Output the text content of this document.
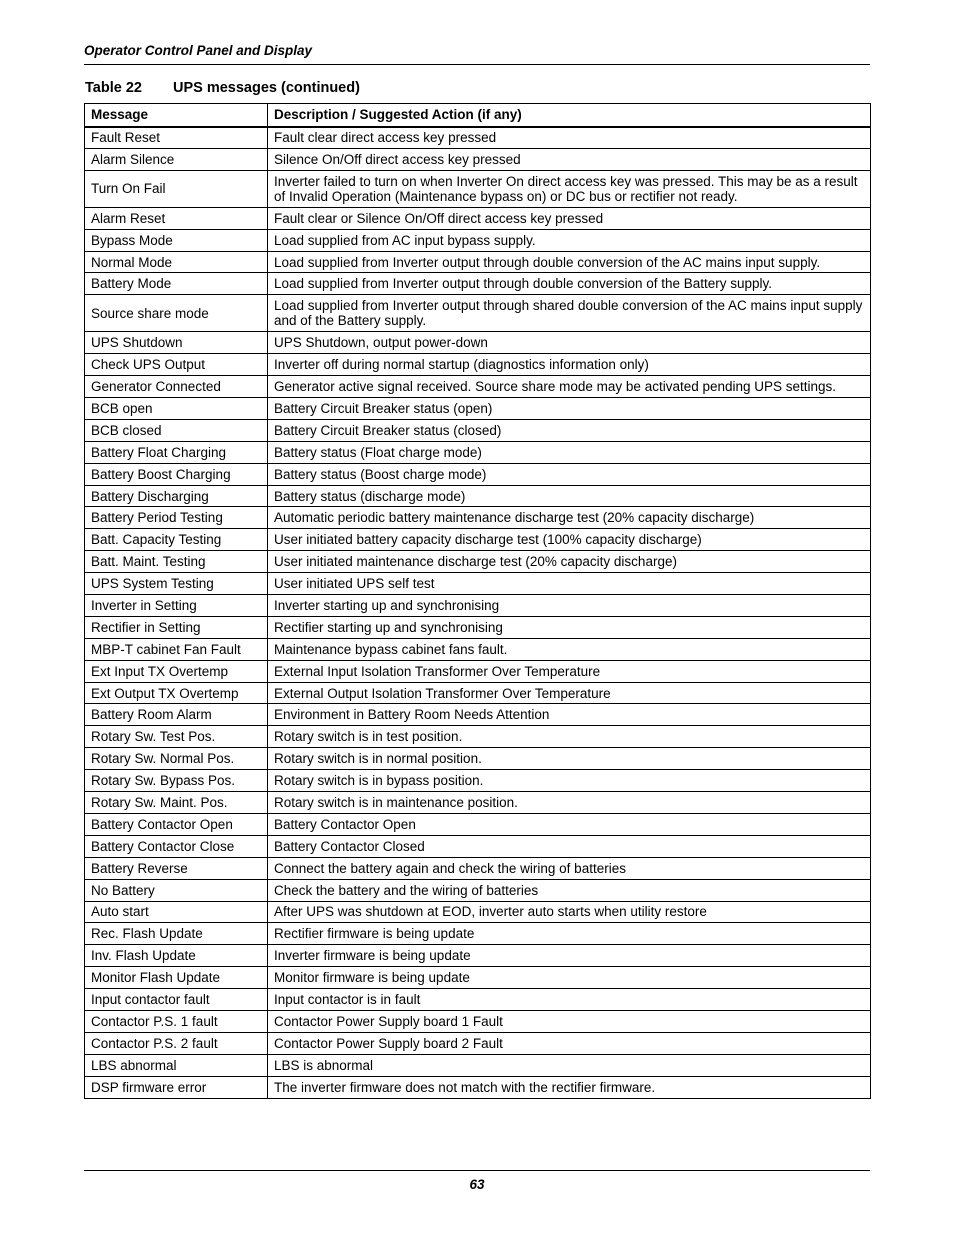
Operator Control Panel and Display
Table 22 UPS messages (continued)
Message	Description / Suggested Action (if any)
Fault Reset	Fault clear direct access key pressed
Alarm Silence	Silence On/Off direct access key pressed
Turn On Fail	Inverter failed to turn on when Inverter On direct access key was pressed. This may be as a result of Invalid Operation (Maintenance bypass on) or DC bus or rectifier not ready.
Alarm Reset	Fault clear or Silence On/Off direct access key pressed
Bypass Mode	Load supplied from AC input bypass supply.
Normal Mode	Load supplied from Inverter output through double conversion of the AC mains input supply.
Battery Mode	Load supplied from Inverter output through double conversion of the Battery supply.
Source share mode	Load supplied from Inverter output through shared double conversion of the AC mains input supply and of the Battery supply.
UPS Shutdown	UPS Shutdown, output power-down
Check UPS Output	Inverter off during normal startup (diagnostics information only)
Generator Connected	Generator active signal received. Source share mode may be activated pending UPS settings.
BCB open	Battery Circuit Breaker status (open)
BCB closed	Battery Circuit Breaker status (closed)
Battery Float Charging	Battery status (Float charge mode)
Battery Boost Charging	Battery status (Boost charge mode)
Battery Discharging	Battery status (discharge mode)
Battery Period Testing	Automatic periodic battery maintenance discharge test (20% capacity discharge)
Batt. Capacity Testing	User initiated battery capacity discharge test (100% capacity discharge)
Batt. Maint. Testing	User initiated maintenance discharge test (20% capacity discharge)
UPS System Testing	User initiated UPS self test
Inverter in Setting	Inverter starting up and synchronising
Rectifier in Setting	Rectifier starting up and synchronising
MBP-T cabinet Fan Fault	Maintenance bypass cabinet fans fault.
Ext Input TX Overtemp	External Input Isolation Transformer Over Temperature
Ext Output TX Overtemp	External Output Isolation Transformer Over Temperature
Battery Room Alarm	Environment in Battery Room Needs Attention
Rotary Sw. Test Pos.	Rotary switch is in test position.
Rotary Sw. Normal Pos.	Rotary switch is in normal position.
Rotary Sw. Bypass Pos.	Rotary switch is in bypass position.
Rotary Sw. Maint. Pos.	Rotary switch is in maintenance position.
Battery Contactor Open	Battery Contactor Open
Battery Contactor Close	Battery Contactor Closed
Battery Reverse	Connect the battery again and check the wiring of batteries
No Battery	Check the battery and the wiring of batteries
Auto start	After UPS was shutdown at EOD, inverter auto starts when utility restore
Rec. Flash Update	Rectifier firmware is being update
Inv. Flash Update	Inverter firmware is being update
Monitor Flash Update	Monitor firmware is being update
Input contactor fault	Input contactor is in fault
Contactor P.S. 1 fault	Contactor Power Supply board 1 Fault
Contactor P.S. 2 fault	Contactor Power Supply board 2 Fault
LBS abnormal	LBS is abnormal
DSP firmware error	The inverter firmware does not match with the rectifier firmware.
63
